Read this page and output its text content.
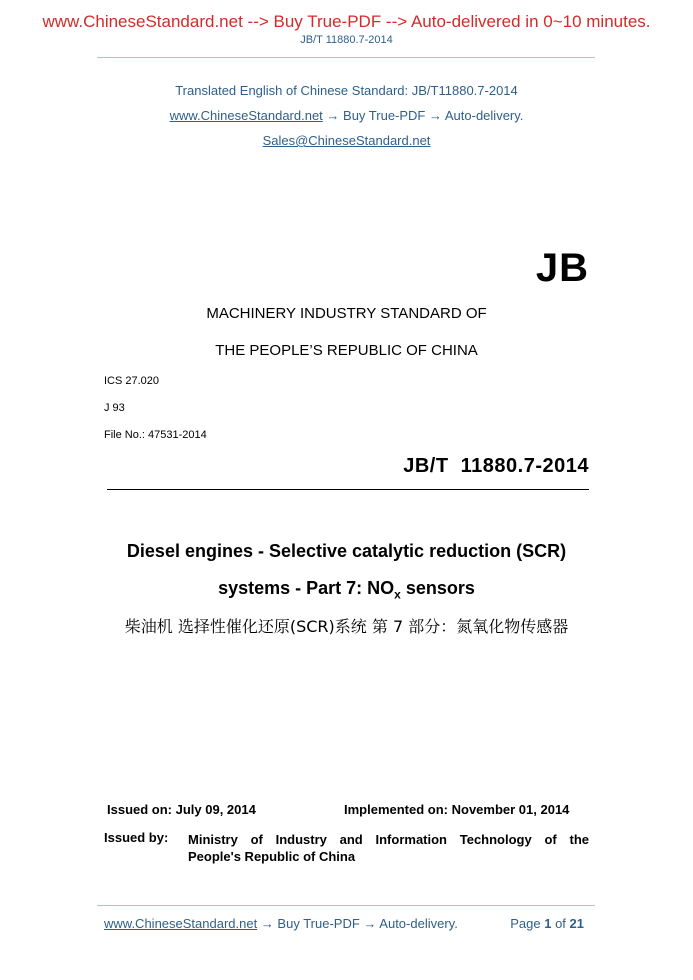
www.ChineseStandard.net --> Buy True-PDF --> Auto-delivered in 0~10 minutes.
JB/T 11880.7-2014
Translated English of Chinese Standard: JB/T11880.7-2014
www.ChineseStandard.net → Buy True-PDF → Auto-delivery.
Sales@ChineseStandard.net
JB
MACHINERY INDUSTRY STANDARD OF
THE PEOPLE’S REPUBLIC OF CHINA
ICS 27.020
J 93
File No.: 47531-2014
JB/T  11880.7-2014
Diesel engines - Selective catalytic reduction (SCR)
systems - Part 7: $NO_x$ sensors
柴油机 选择性催化还原(SCR)系统 第 7 部分：氮氧化物传感器
Issued on: July 09, 2014	Implemented on: November 01, 2014
Issued by: Ministry of Industry and Information Technology of the
People's Republic of China
www.ChineseStandard.net → Buy True-PDF → Auto-delivery.	Page 1 of 21
